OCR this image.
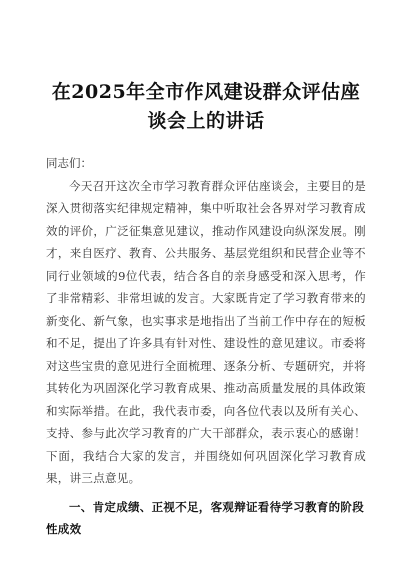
在2025年全市作风建设群众评估座谈会上的讲话
同志们：

今天召开这次全市学习教育群众评估座谈会，主要目的是深入贯彻落实纪律规定精神，集中听取社会各界对学习教育成效的评价，广泛征集意见建议，推动作风建设向纵深发展。刚才，来自医疗、教育、公共服务、基层党组织和民营企业等不同行业领域的9位代表，结合各自的亲身感受和深入思考，作了非常精彩、非常坦诚的发言。大家既肯定了学习教育带来的新变化、新气象，也实事求是地指出了当前工作中存在的短板和不足，提出了许多具有针对性、建设性的意见建议。市委将对这些宝贵的意见进行全面梳理、逐条分析、专题研究，并将其转化为巩固深化学习教育成果、推动高质量发展的具体政策和实际举措。在此，我代表市委，向各位代表以及所有关心、支持、参与此次学习教育的广大干部群众，表示衷心的感谢！下面，我结合大家的发言，并围绕如何巩固深化学习教育成果，讲三点意见。

一、肯定成绩、正视不足，客观辩证看待学习教育的阶段性成效
